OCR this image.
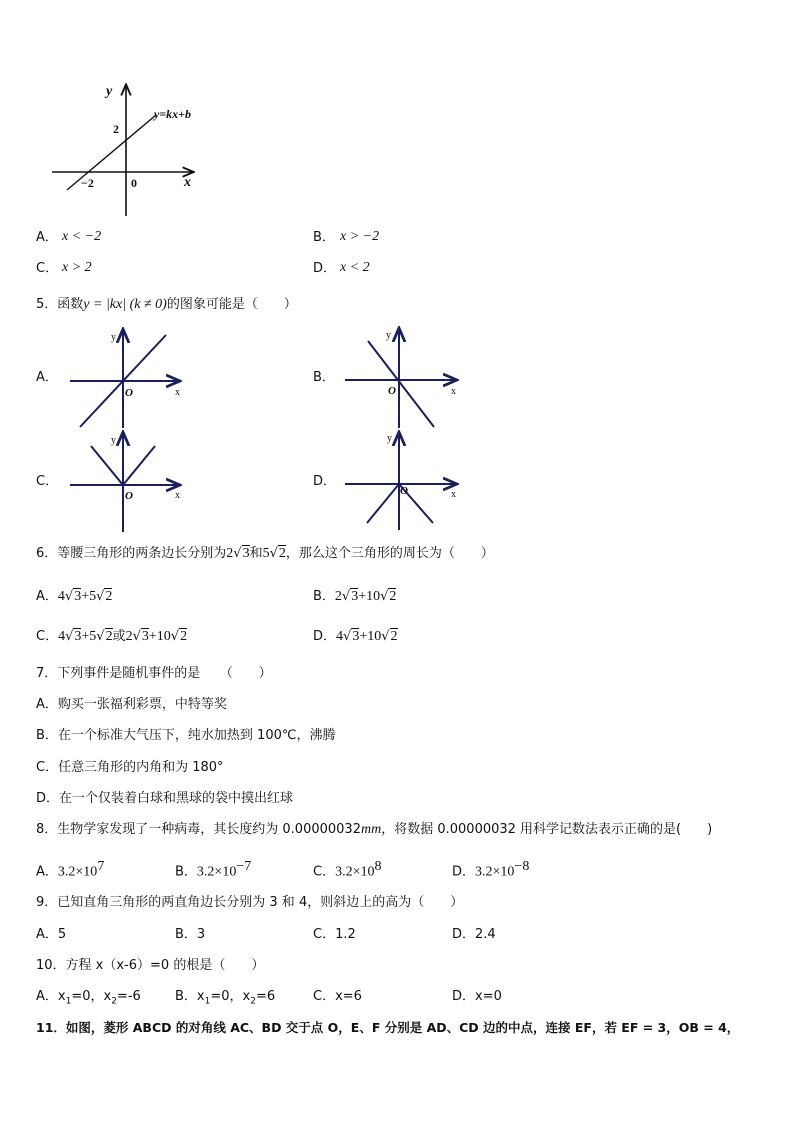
y
x
y=kx+b
2
−2	0
A． x < −2	B． x > −2
C． x > 2	D． x < 2
5．函数y = |kx| (k ≠ 0)的图象可能是（　　）
A．	B．
C．	D．
y
x
O
y
x
O
y
x
O
y
x
O
6．等腰三角形的两条边长分别为2√3和5√2，那么这个三角形的周长为（　　）
A．4√3+5√2	B．2√3+10√2
C．4√3+5√2或2√3+10√2	D．4√3+10√2
7．下列事件是随机事件的是　　（　　）
A．购买一张福利彩票，中特等奖
B．在一个标准大气压下，纯水加热到 100℃，沸腾
C．任意三角形的内角和为 180°
D．在一个仅装着白球和黑球的袋中摸出红球
8．生物学家发现了一种病毒，其长度约为 0.00000032mm，将数据 0.00000032 用科学记数法表示正确的是(　　)
A．$3.2\times 10^7$	B．$3.2\times 10^{-7}$	C．$3.2\times 10^8$	D．$3.2\times 10^{-8}$
9．已知直角三角形的两直角边长分别为 3 和 4，则斜边上的高为（　　）
A．5	B．3	C．1.2	D．2.4
10．方程 x（x-6）=0 的根是（　　）
A．$x_1=0$，$x_2=-6$	B．$x_1=0$，$x_2=6$	C．x=6	D．x=0
11．如图，菱形 ABCD 的对角线 AC、BD 交于点 O，E、F 分别是 AD、CD 边的中点，连接 EF，若 EF = 3，OB = 4，
